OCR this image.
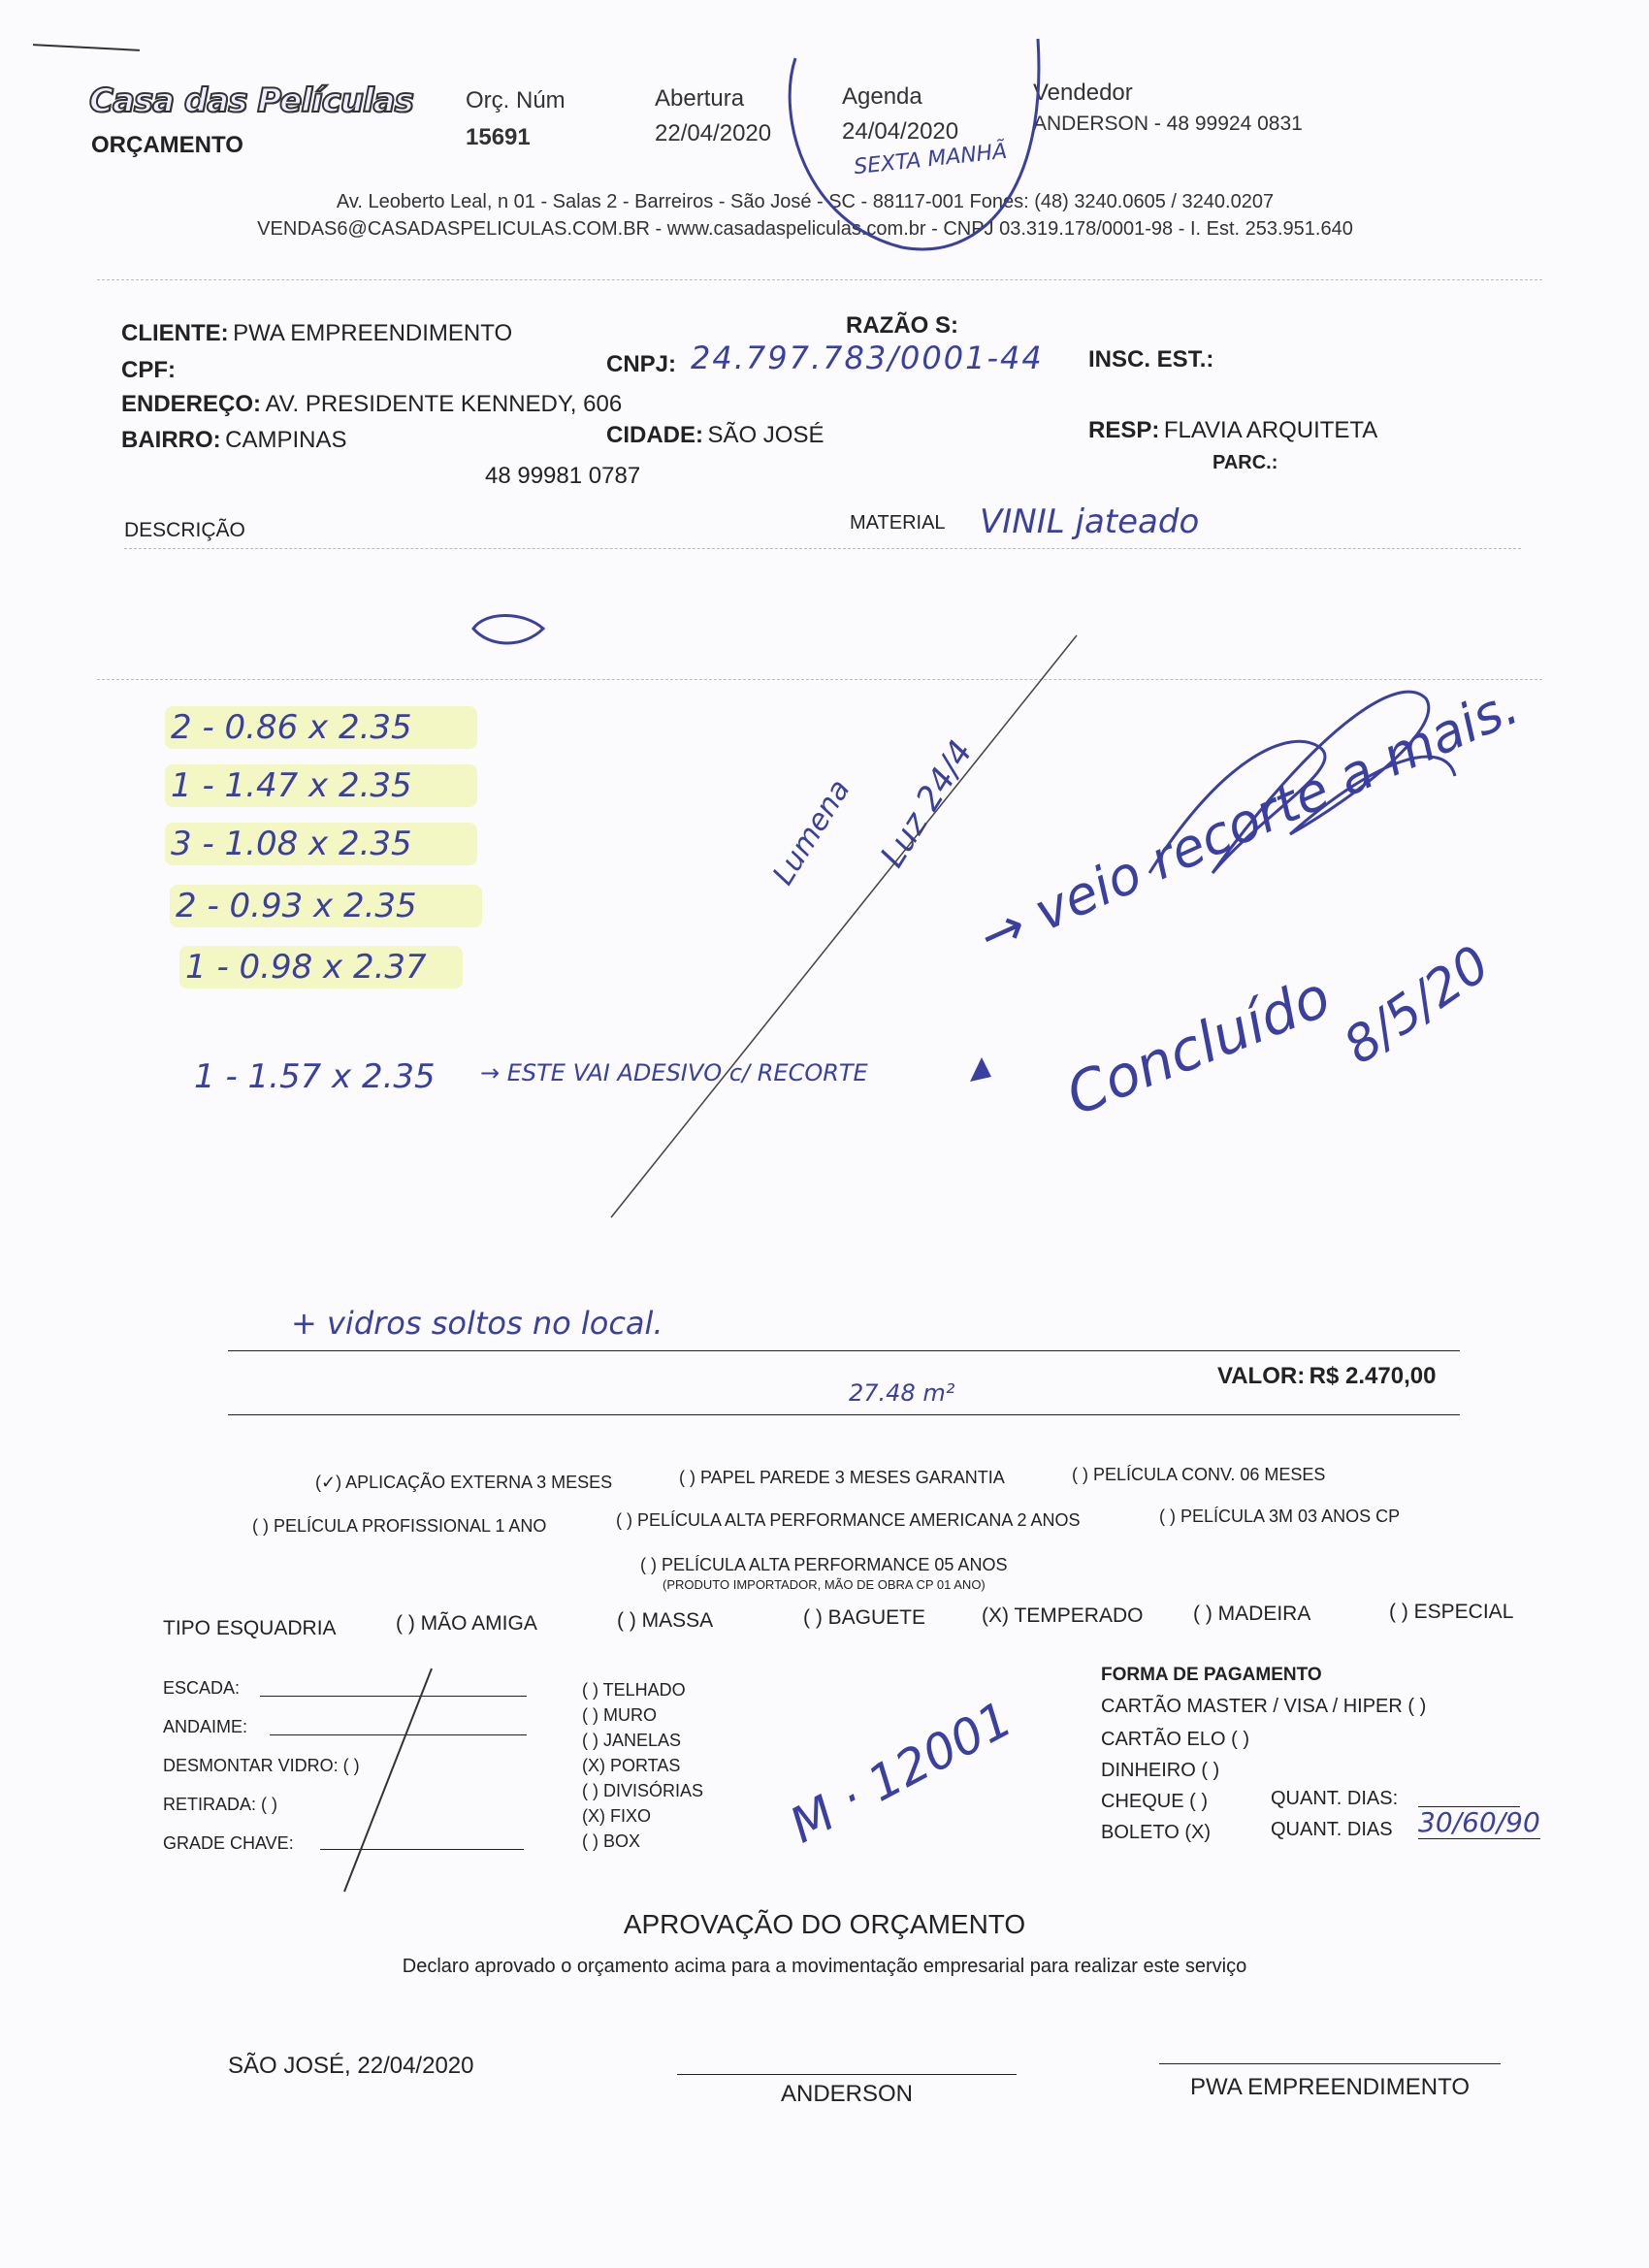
Casa das Películas
ORÇAMENTO
Orç. Núm
15691
Abertura
22/04/2020
Agenda
24/04/2020
SEXTA MANHÃ
Vendedor
ANDERSON - 48 99924 0831
Av. Leoberto Leal, n 01 - Salas 2 - Barreiros - São José - SC - 88117-001 Fones: (48) 3240.0605 / 3240.0207
VENDAS6@CASADASPELICULAS.COM.BR - www.casadaspeliculas.com.br - CNPJ 03.319.178/0001-98 - I. Est. 253.951.640
CLIENTE: PWA EMPREENDIMENTO	RAZÃO S:
CPF:	CNPJ: 24.797.783/0001-44 INSC. EST.:
ENDEREÇO: AV. PRESIDENTE KENNEDY, 606
BAIRRO: CAMPINAS	CIDADE: SÃO JOSÉ	RESP: FLAVIA ARQUITETA
PARC.:
48 99981 0787
DESCRIÇÃO	MATERIAL VINIL jateado
2 - 0.86 x 2.35
1 - 1.47 x 2.35
3 - 1.08 x 2.35
2 - 0.93 x 2.35
1 - 0.98 x 2.37
1 - 1.57 x 2.35 → ESTE VAI ADESIVO c/ RECORTE
→ veio recorte a mais.
Concluído
8/5/20
Lumena Luz 24/4
+ vidros soltos no local.
27.48 m²
VALOR: R$ 2.470,00
(✓) APLICAÇÃO EXTERNA 3 MESES	( ) PAPEL PAREDE 3 MESES GARANTIA	( ) PELÍCULA CONV. 06 MESES
( ) PELÍCULA PROFISSIONAL 1 ANO	( ) PELÍCULA ALTA PERFORMANCE AMERICANA 2 ANOS	( ) PELÍCULA 3M 03 ANOS CP
( ) PELÍCULA ALTA PERFORMANCE 05 ANOS
(PRODUTO IMPORTADOR, MÃO DE OBRA CP 01 ANO)
TIPO ESQUADRIA	( ) MÃO AMIGA	( ) MASSA	( ) BAGUETE	(X) TEMPERADO ( ) MADEIRA	( ) ESPECIAL
ESCADA:
ANDAIME:
DESMONTAR VIDRO: ( )
RETIRADA: ( )
GRADE CHAVE:
( ) TELHADO
( ) MURO
( ) JANELAS
(X) PORTAS
( ) DIVISÓRIAS
(X) FIXO
( ) BOX	M · 12001
FORMA DE PAGAMENTO
CARTÃO MASTER / VISA / HIPER ( )
CARTÃO ELO ( )
DINHEIRO ( )
CHEQUE ( )	QUANT. DIAS:
BOLETO (X)	QUANT. DIAS 30/60/90
APROVAÇÃO DO ORÇAMENTO
Declaro aprovado o orçamento acima para a movimentação empresarial para realizar este serviço
SÃO JOSÉ, 22/04/2020
ANDERSON	PWA EMPREENDIMENTO
